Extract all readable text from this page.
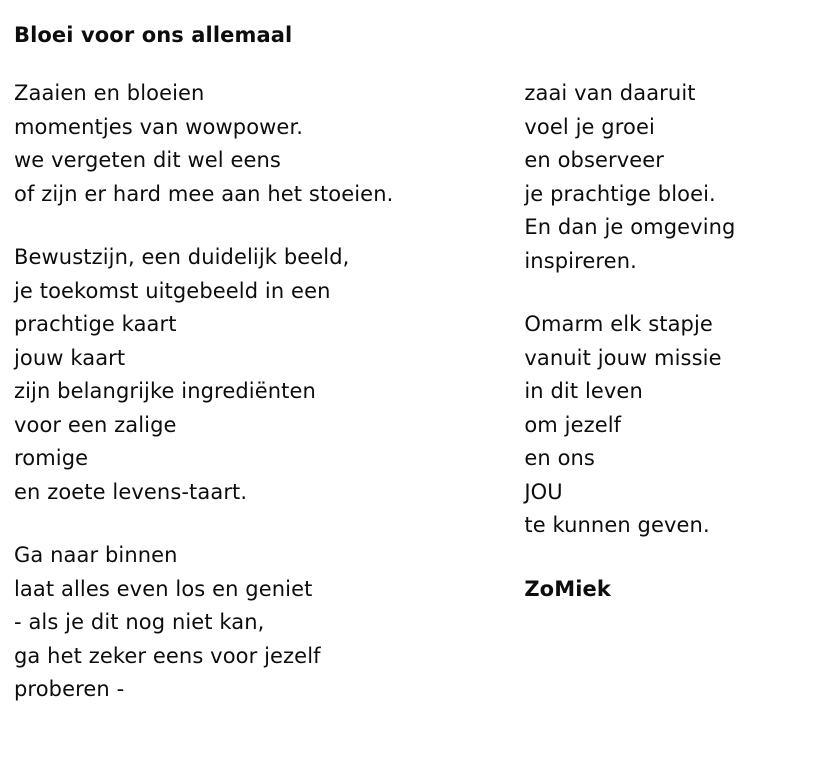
Bloei voor ons allemaal
Zaaien en bloeien
momentjes van wowpower.
we vergeten dit wel eens
of zijn er hard mee aan het stoeien.
Bewustzijn, een duidelijk beeld,
je toekomst uitgebeeld in een
prachtige kaart
jouw kaart
zijn belangrijke ingrediënten
voor een zalige
romige
en zoete levens-taart.
Ga naar binnen
laat alles even los en geniet
- als je dit nog niet kan,
ga het zeker eens voor jezelf
proberen -
zaai van daaruit
voel je groei
en observeer
je prachtige bloei.
En dan je omgeving
inspireren.
Omarm elk stapje
vanuit jouw missie
in dit leven
om jezelf
en ons
JOU
te kunnen geven.

ZoMiek
